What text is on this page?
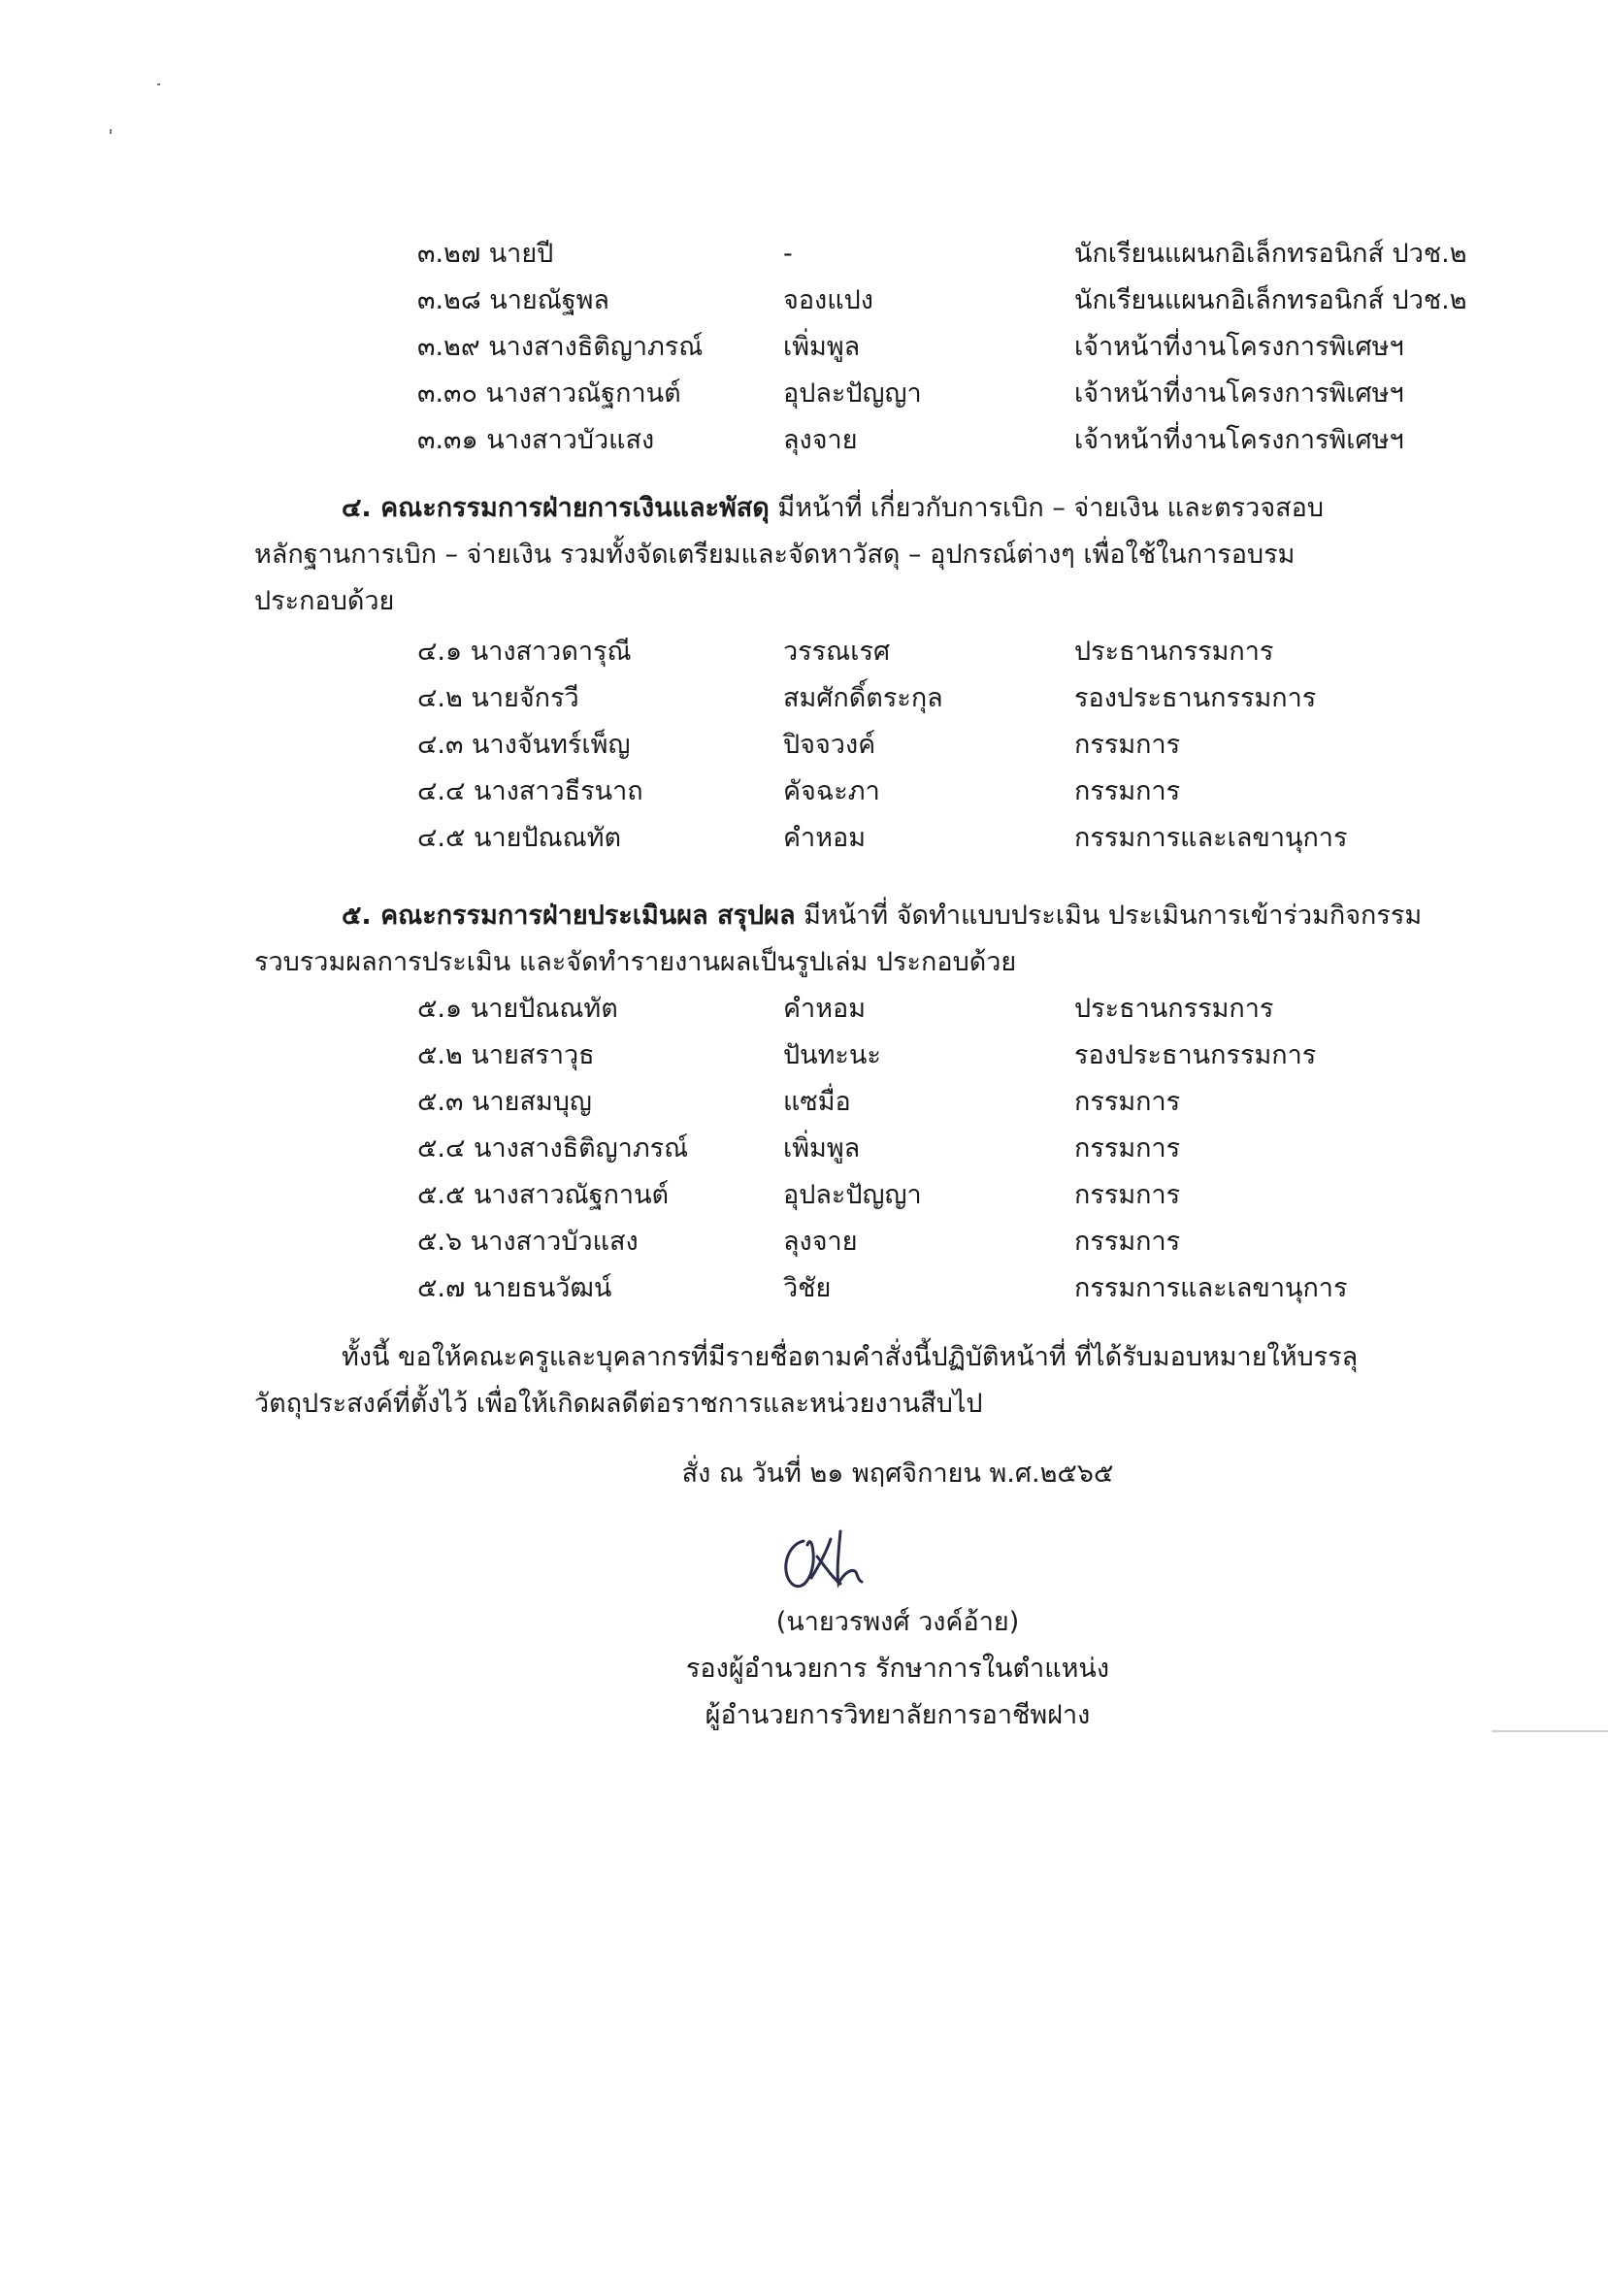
๓.๒๗ นายปี	-	นักเรียนแผนกอิเล็กทรอนิกส์ ปวช.๒
๓.๒๘ นายณัฐพล	จองแปง	นักเรียนแผนกอิเล็กทรอนิกส์ ปวช.๒
๓.๒๙ นางสางธิติญาภรณ์	เพิ่มพูล	เจ้าหน้าที่งานโครงการพิเศษฯ
๓.๓๐ นางสาวณัฐกานต์	อุปละปัญญา	เจ้าหน้าที่งานโครงการพิเศษฯ
๓.๓๑ นางสาวบัวแสง	ลุงจาย	เจ้าหน้าที่งานโครงการพิเศษฯ
๔. คณะกรรมการฝ่ายการเงินและพัสดุ มีหน้าที่ เกี่ยวกับการเบิก – จ่ายเงิน และตรวจสอบ
หลักฐานการเบิก – จ่ายเงิน รวมทั้งจัดเตรียมและจัดหาวัสดุ – อุปกรณ์ต่างๆ เพื่อใช้ในการอบรม
ประกอบด้วย
๔.๑ นางสาวดารุณี	วรรณเรศ	ประธานกรรมการ
๔.๒ นายจักรวี	สมศักดิ์ตระกุล	รองประธานกรรมการ
๔.๓ นางจันทร์เพ็ญ	ปิจจวงค์	กรรมการ
๔.๔ นางสาวธีรนาถ	คัจฉะภา	กรรมการ
๔.๕ นายปัณณทัต	คำหอม	กรรมการและเลขานุการ
๕. คณะกรรมการฝ่ายประเมินผล สรุปผล มีหน้าที่ จัดทำแบบประเมิน ประเมินการเข้าร่วมกิจกรรม
รวบรวมผลการประเมิน และจัดทำรายงานผลเป็นรูปเล่ม ประกอบด้วย
๕.๑ นายปัณณทัต	คำหอม	ประธานกรรมการ
๕.๒ นายสราวุธ	ปันทะนะ	รองประธานกรรมการ
๕.๓ นายสมบุญ	แซมื่อ	กรรมการ
๕.๔ นางสางธิติญาภรณ์	เพิ่มพูล	กรรมการ
๕.๕ นางสาวณัฐกานต์	อุปละปัญญา	กรรมการ
๕.๖ นางสาวบัวแสง	ลุงจาย	กรรมการ
๕.๗ นายธนวัฒน์	วิชัย	กรรมการและเลขานุการ
ทั้งนี้ ขอให้คณะครูและบุคลากรที่มีรายชื่อตามคำสั่งนี้ปฏิบัติหน้าที่ ที่ได้รับมอบหมายให้บรรลุ
วัตถุประสงค์ที่ตั้งไว้ เพื่อให้เกิดผลดีต่อราชการและหน่วยงานสืบไป
สั่ง ณ วันที่ ๒๑ พฤศจิกายน พ.ศ.๒๕๖๕
(นายวรพงศ์ วงค์อ้าย)
รองผู้อำนวยการ รักษาการในตำแหน่ง
ผู้อำนวยการวิทยาลัยการอาชีพฝาง
